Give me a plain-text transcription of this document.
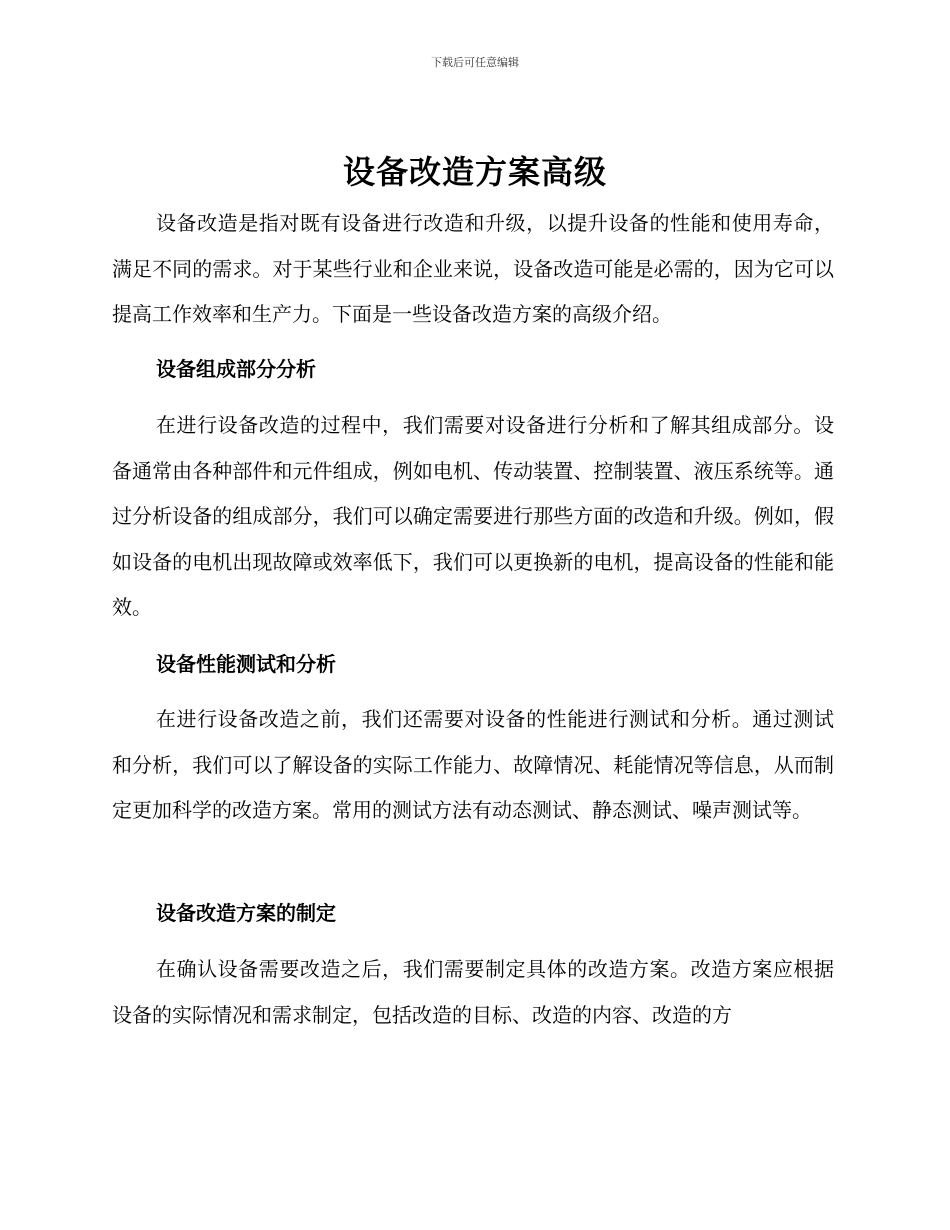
下载后可任意编辑
设备改造方案高级

设备改造是指对既有设备进行改造和升级，以提升设备的性能和使用寿命，满足不同的需求。对于某些行业和企业来说，设备改造可能是必需的，因为它可以提高工作效率和生产力。下面是一些设备改造方案的高级介绍。

设备组成部分分析

在进行设备改造的过程中，我们需要对设备进行分析和了解其组成部分。设备通常由各种部件和元件组成，例如电机、传动装置、控制装置、液压系统等。通过分析设备的组成部分，我们可以确定需要进行那些方面的改造和升级。例如，假如设备的电机出现故障或效率低下，我们可以更换新的电机，提高设备的性能和能效。

设备性能测试和分析

在进行设备改造之前，我们还需要对设备的性能进行测试和分析。通过测试和分析，我们可以了解设备的实际工作能力、故障情况、耗能情况等信息，从而制定更加科学的改造方案。常用的测试方法有动态测试、静态测试、噪声测试等。

设备改造方案的制定

在确认设备需要改造之后，我们需要制定具体的改造方案。改造方案应根据设备的实际情况和需求制定，包括改造的目标、改造的内容、改造的方
